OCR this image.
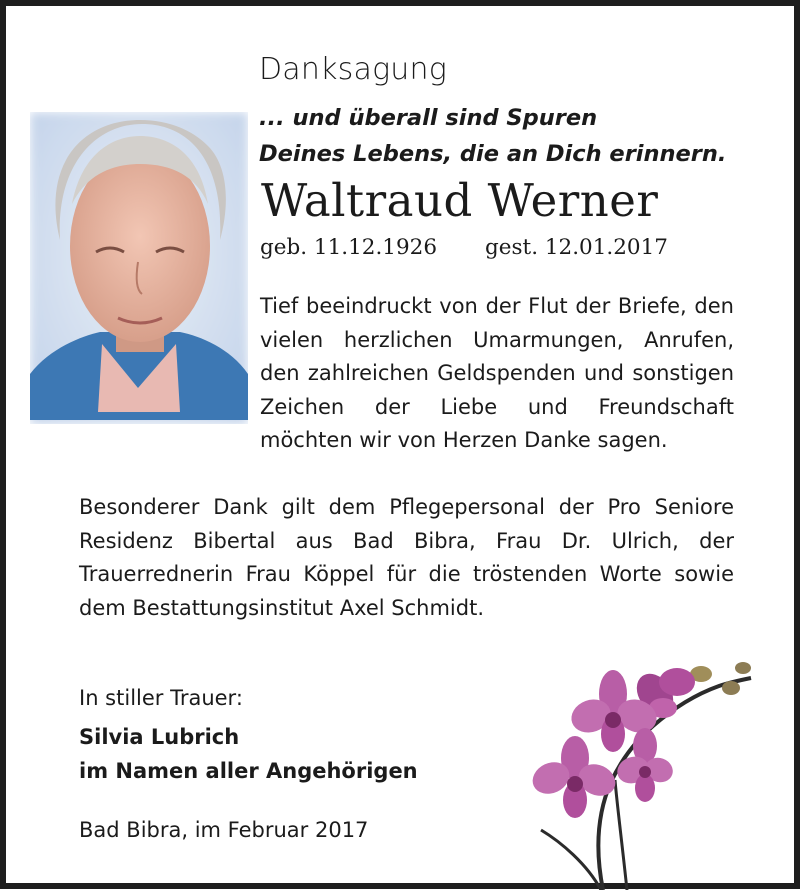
Danksagung
... und überall sind Spuren
Deines Lebens, die an Dich erinnern.
Waltraud Werner
geb. 11.12.1926 gest. 12.01.2017
Tief beeindruckt von der Flut der Briefe, den vielen herzlichen Umarmungen, Anrufen, den zahlreichen Geldspenden und sonstigen Zeichen der Liebe und Freundschaft möchten wir von Herzen Danke sagen.
Besonderer Dank gilt dem Pflegepersonal der Pro Seniore Residenz Bibertal aus Bad Bibra, Frau Dr. Ulrich, der Trauerrednerin Frau Köppel für die tröstenden Worte sowie dem Bestattungsinstitut Axel Schmidt.
In stiller Trauer:
Silvia Lubrich
im Namen aller Angehörigen
Bad Bibra, im Februar 2017
